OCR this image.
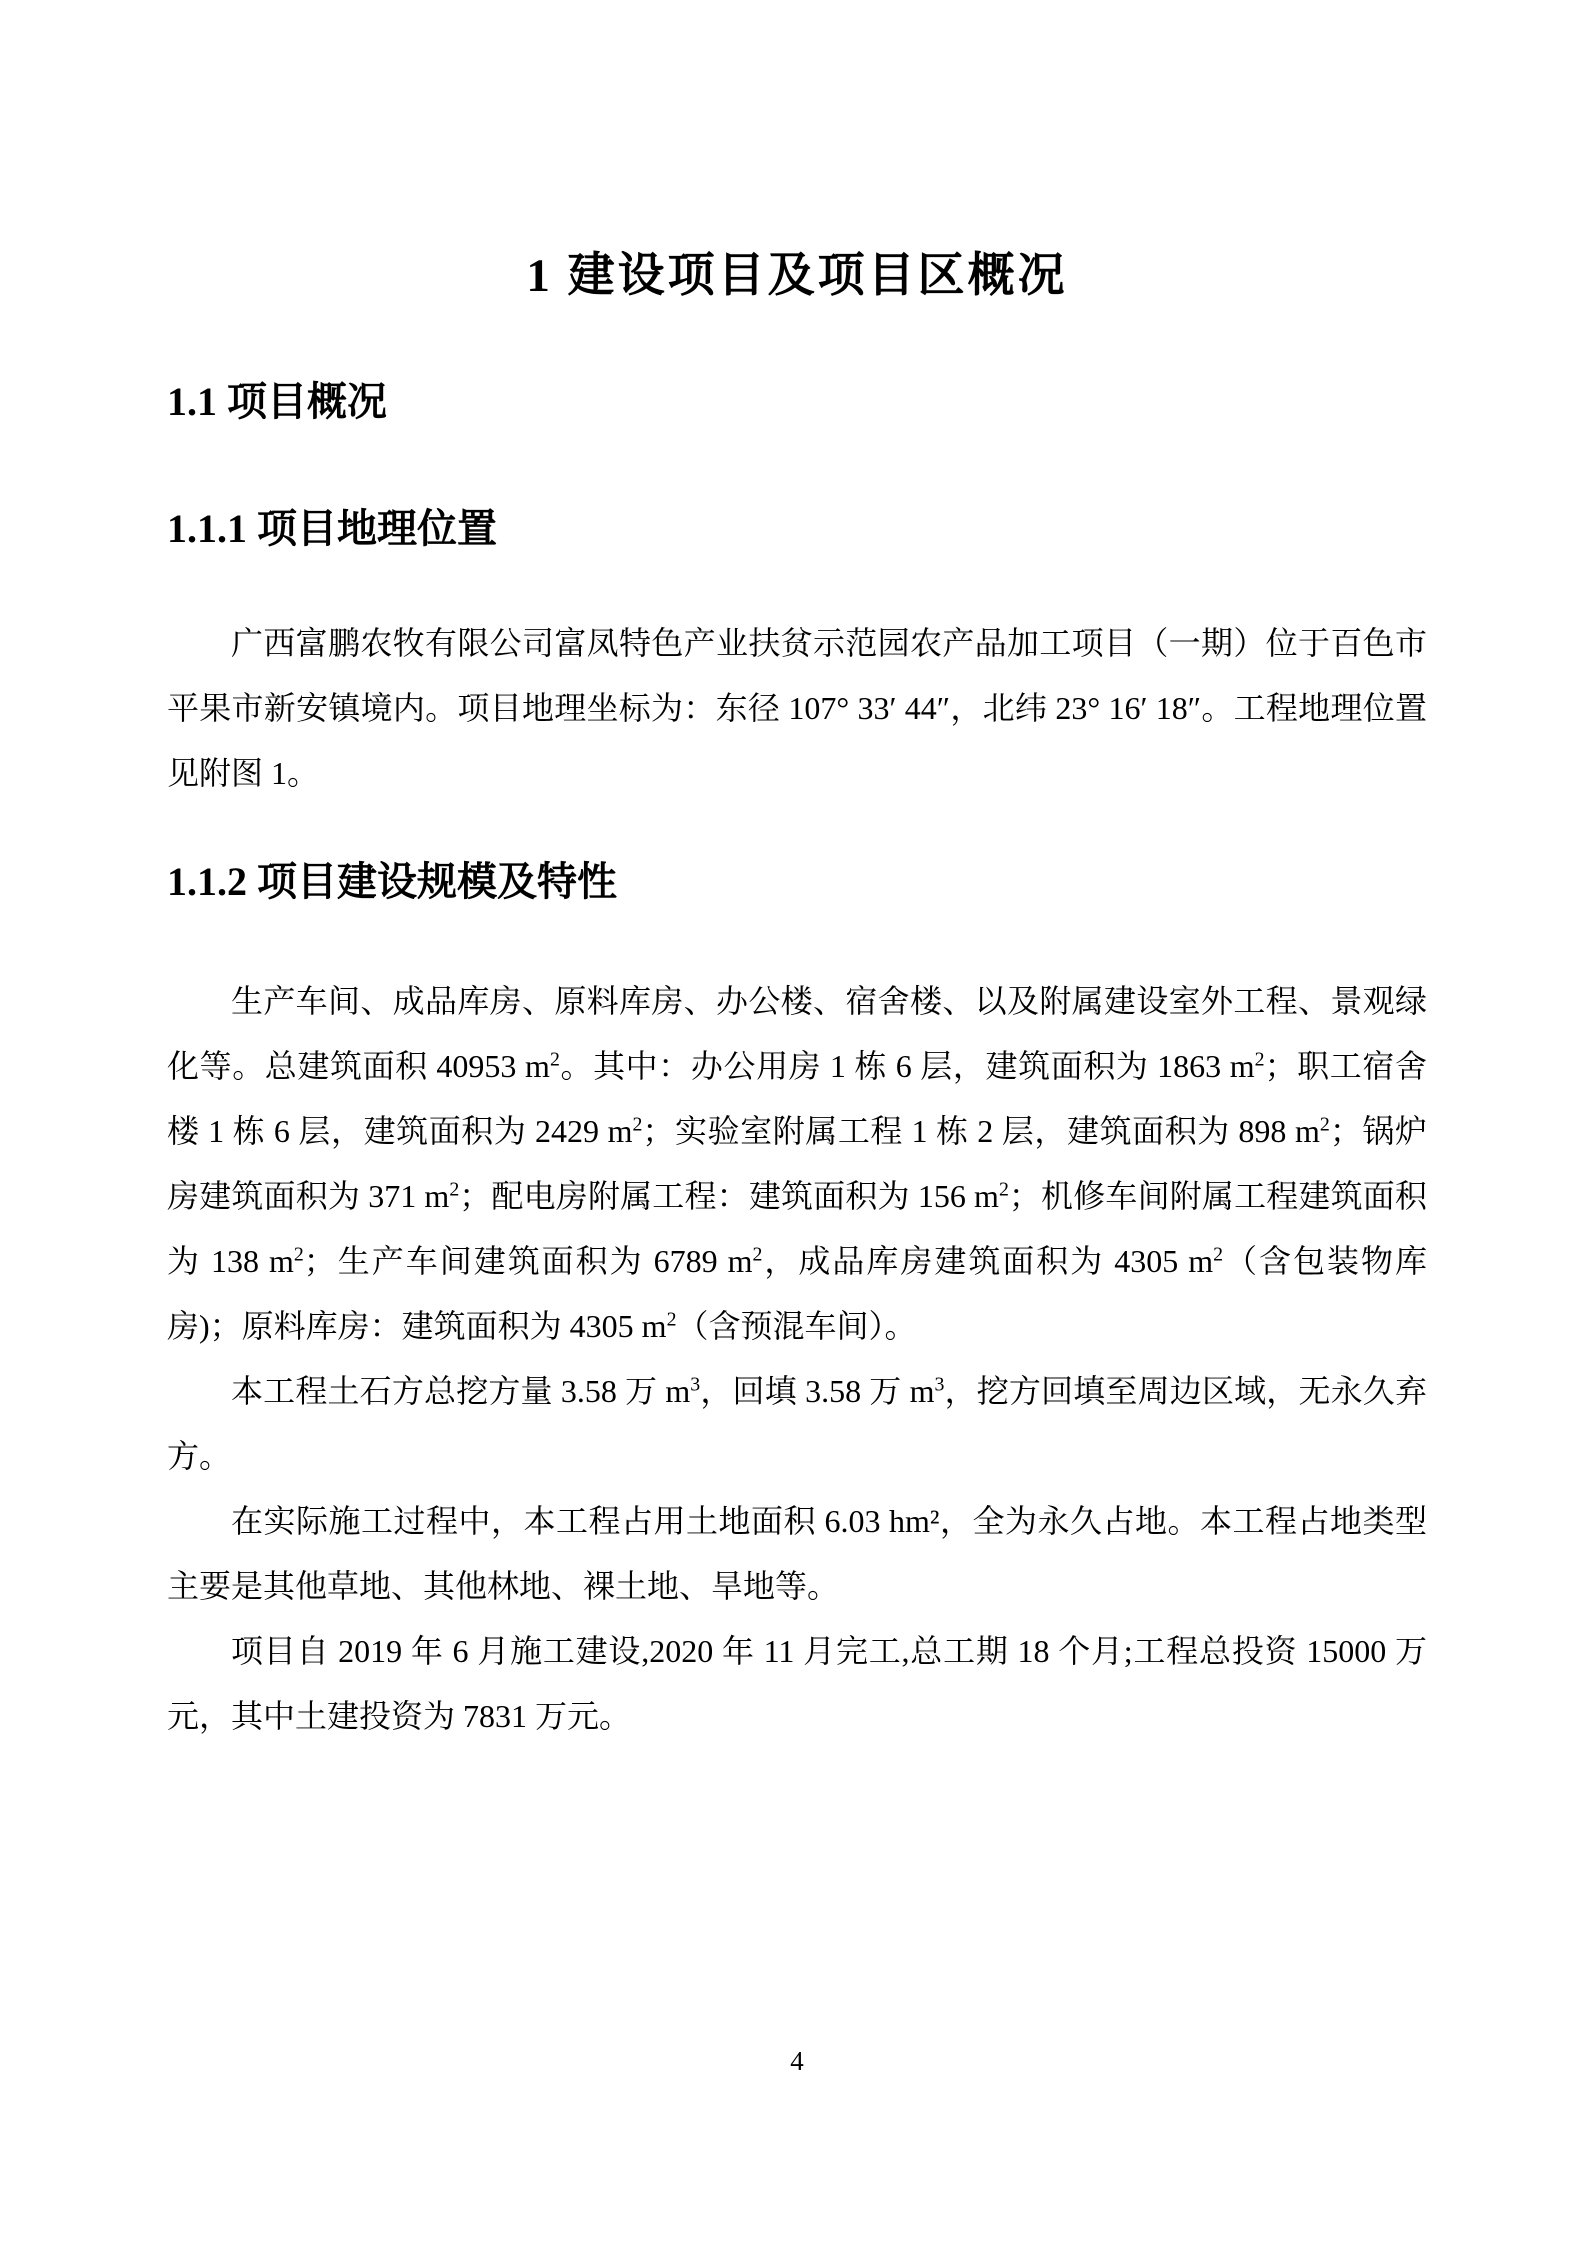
1 建设项目及项目区概况
1.1 项目概况
1.1.1 项目地理位置

广西富鹏农牧有限公司富凤特色产业扶贫示范园农产品加工项目（一期）位于百色市平果市新安镇境内。项目地理坐标为：东径 107° 33′ 44″，北纬 23° 16′ 18″。工程地理位置见附图 1。

1.1.2 项目建设规模及特性

生产车间、成品库房、原料库房、办公楼、宿舍楼、以及附属建设室外工程、景观绿化等。总建筑面积 40953 $m^2$。其中：办公用房 1 栋 6 层，建筑面积为 1863 $m^2$；职工宿舍楼 1 栋 6 层，建筑面积为 2429 $m^2$；实验室附属工程 1 栋 2 层，建筑面积为 898 $m^2$；锅炉房建筑面积为 371 $m^2$；配电房附属工程：建筑面积为 156 $m^2$；机修车间附属工程建筑面积为 138 $m^2$；生产车间建筑面积为 6789 $m^2$，成品库房建筑面积为 4305 $m^2$（含包装物库房)；原料库房：建筑面积为 4305 $m^2$（含预混车间）。

本工程土石方总挖方量 3.58 万 $m^3$，回填 3.58 万 $m^3$，挖方回填至周边区域，无永久弃方。

在实际施工过程中，本工程占用土地面积 6.03 hm²，全为永久占地。本工程占地类型主要是其他草地、其他林地、裸土地、旱地等。

项目自 2019 年 6 月施工建设,2020 年 11 月完工,总工期 18 个月;工程总投资 15000 万元，其中土建投资为 7831 万元。

4
